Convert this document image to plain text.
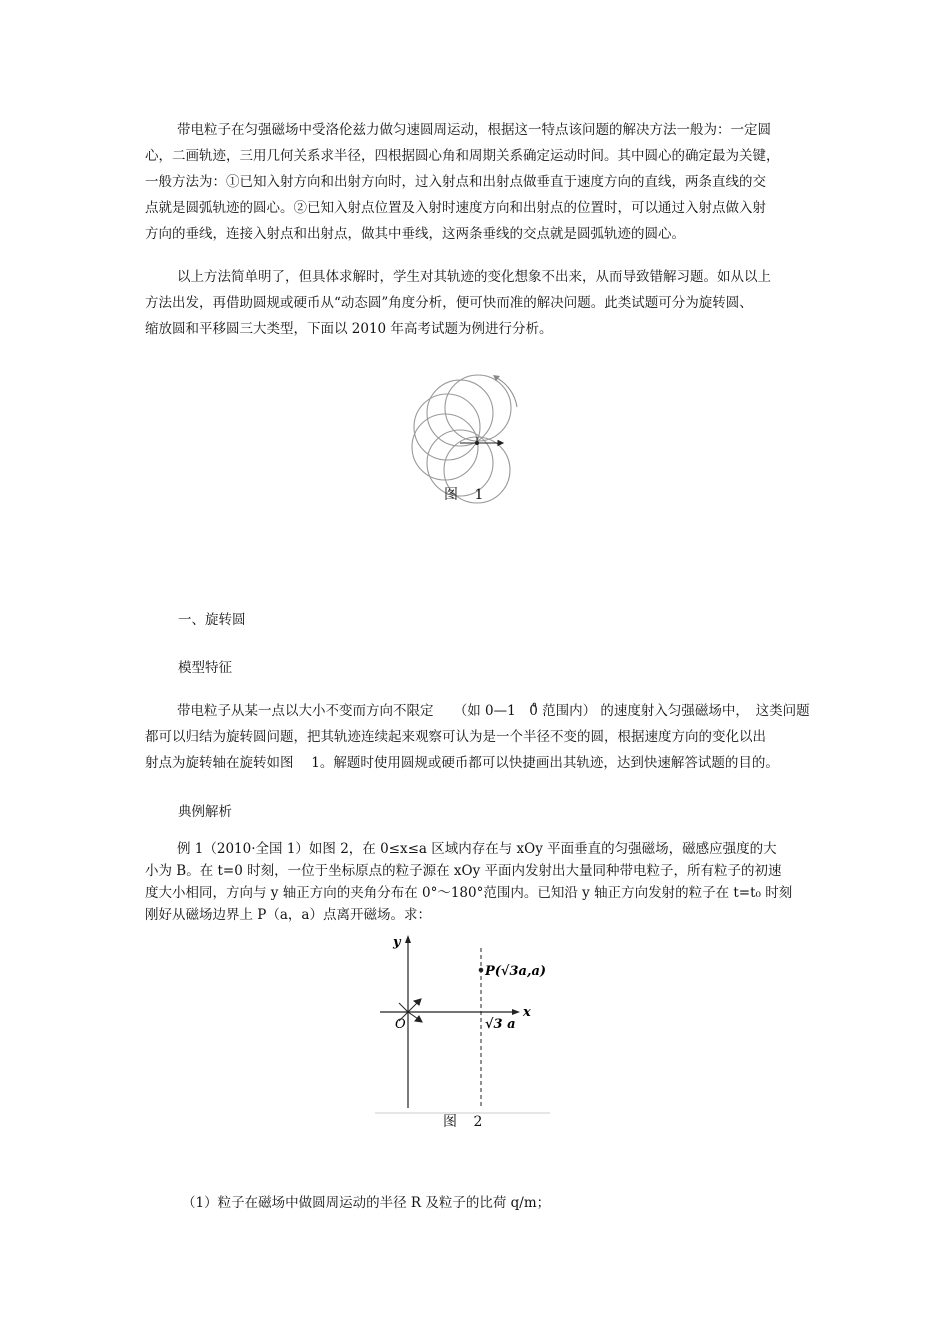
带电粒子在匀强磁场中受洛伦兹力做匀速圆周运动，根据这一特点该问题的解决方法一般为：一定圆
心，二画轨迹，三用几何关系求半径，四根据圆心角和周期关系确定运动时间。其中圆心的确定最为关键，
一般方法为：①已知入射方向和出射方向时，过入射点和出射点做垂直于速度方向的直线，两条直线的交
点就是圆弧轨迹的圆心。②已知入射点位置及入射时速度方向和出射点的位置时，可以通过入射点做入射
方向的垂线，连接入射点和出射点，做其中垂线，这两条垂线的交点就是圆弧轨迹的圆心。
以上方法简单明了，但具体求解时，学生对其轨迹的变化想象不出来，从而导致错解习题。如从以上
方法出发，再借助圆规或硬币从“动态圆”角度分析，便可快而准的解决问题。此类试题可分为旋转圆、
缩放圆和平移圆三大类型，下面以 2010 年高考试题为例进行分析。
图 1
一、旋转圆
模型特征
带电粒子从某一点以大小不变而方向不限定　　（如 0—1　0̊ 范围内） 的速度射入匀强磁场中，　这类问题
都可以归结为旋转圆问题，把其轨迹连续起来观察可认为是一个半径不变的圆，根据速度方向的变化以出
射点为旋转轴在旋转如图　 1。解题时使用圆规或硬币都可以快捷画出其轨迹，达到快速解答试题的目的。
典例解析
例 1（2010·全国 1）如图 2，在 0≤x≤a 区域内存在与 xOy 平面垂直的匀强磁场，磁感应强度的大
小为 B。在 t=0 时刻，一位于坐标原点的粒子源在 xOy 平面内发射出大量同种带电粒子，所有粒子的初速
度大小相同，方向与 y 轴正方向的夹角分布在 0°～180°范围内。已知沿 y 轴正方向发射的粒子在 t=t₀ 时刻
刚好从磁场边界上 P（a，a）点离开磁场。求：
y
x
O
P(√3a,a)
√3 a
图 2
（1）粒子在磁场中做圆周运动的半径 R 及粒子的比荷 q/m；
